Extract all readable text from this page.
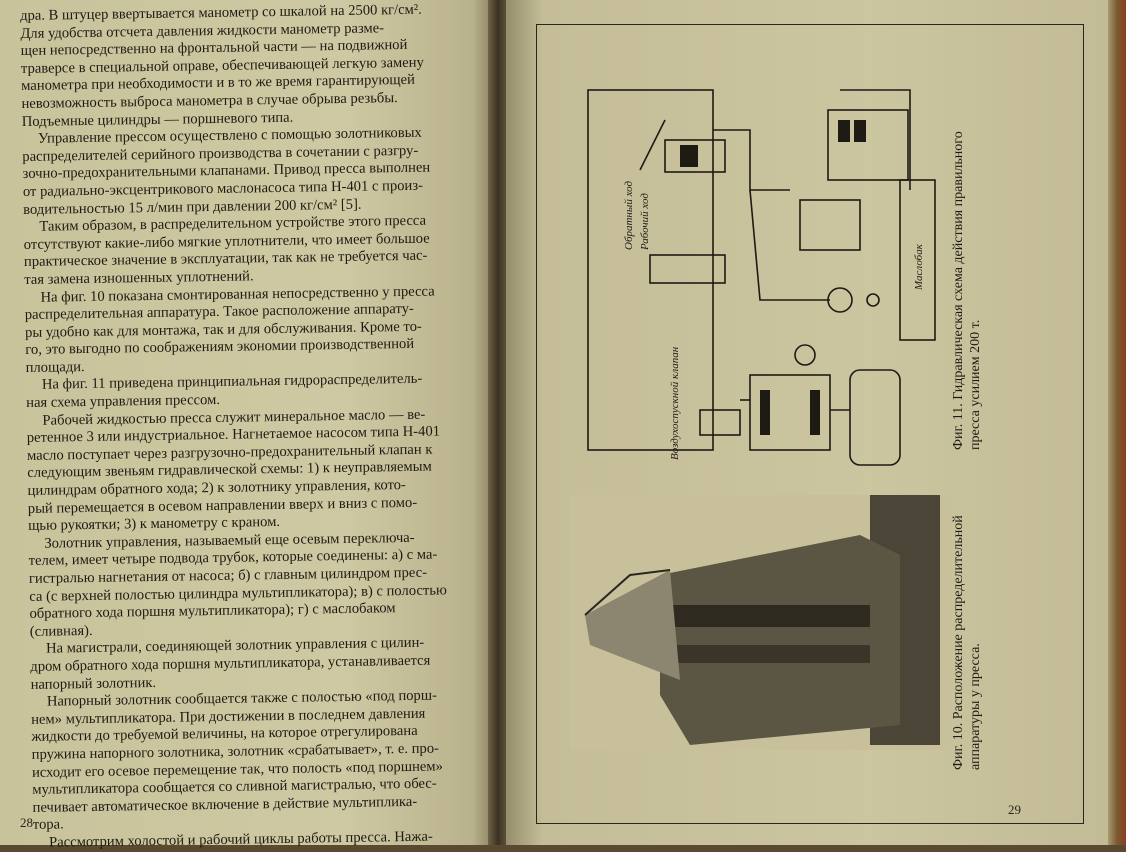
дра. В штуцер ввертывается манометр со шкалой на 2500 кг/см².

Для удобства отсчета давления жидкости манометр разме-

щен непосредственно на фронтальной части — на подвижной

траверсе в специальной оправе, обеспечивающей легкую замену

манометра при необходимости и в то же время гарантирующей

невозможность выброса манометра в случае обрыва резьбы.

Подъемные цилиндры — поршневого типа.

Управление прессом осуществлено с помощью золотниковых

распределителей серийного производства в сочетании с разгру-

зочно-предохранительными клапанами. Привод пресса выполнен

от радиально-эксцентрикового маслонасоса типа Н-401 с произ-

водительностью 15 л/мин при давлении 200 кг/см² [5].

Таким образом, в распределительном устройстве этого пресса

отсутствуют какие-либо мягкие уплотнители, что имеет большое

практическое значение в эксплуатации, так как не требуется час-

тая замена изношенных уплотнений.

На фиг. 10 показана смонтированная непосредственно у пресса

распределительная аппаратура. Такое расположение аппарату-

ры удобно как для монтажа, так и для обслуживания. Кроме то-

го, это выгодно по соображениям экономии производственной

площади.

На фиг. 11 приведена принципиальная гидрораспределитель-

ная схема управления прессом.

Рабочей жидкостью пресса служит минеральное масло — ве-

ретенное 3 или индустриальное. Нагнетаемое насосом типа Н-401

масло поступает через разгрузочно-предохранительный клапан к

следующим звеньям гидравлической схемы: 1) к неуправляемым

цилиндрам обратного хода; 2) к золотнику управления, кото-

рый перемещается в осевом направлении вверх и вниз с помо-

щью рукоятки; 3) к манометру с краном.

Золотник управления, называемый еще осевым переключа-

телем, имеет четыре подвода трубок, которые соединены: а) с ма-

гистралью нагнетания от насоса; б) с главным цилиндром прес-

са (с верхней полостью цилиндра мультипликатора); в) с полостью

обратного хода поршня мультипликатора); г) с маслобаком

(сливная).

На магистрали, соединяющей золотник управления с цилин-

дром обратного хода поршня мультипликатора, устанавливается

напорный золотник.

Напорный золотник сообщается также с полостью «под порш-

нем» мультипликатора. При достижении в последнем давления

жидкости до требуемой величины, на которое отрегулирована

пружина напорного золотника, золотник «срабатывает», т. е. про-

исходит его осевое перемещение так, что полость «под поршнем»

мультипликатора сообщается со сливной магистралью, что обес-

печивает автоматическое включение в действие мультиплика-

тора.

Рассмотрим холостой и рабочий циклы работы пресса. Нажа-

28
Обратный ход Рабочий ход
Маслобак
Воздухоспускной клапан	Фиг. 11. Гидравлическая схема действия правильного пресса усилием 200 т.
Фиг. 10. Расположение распределительной аппаратуры у пресса.
29
